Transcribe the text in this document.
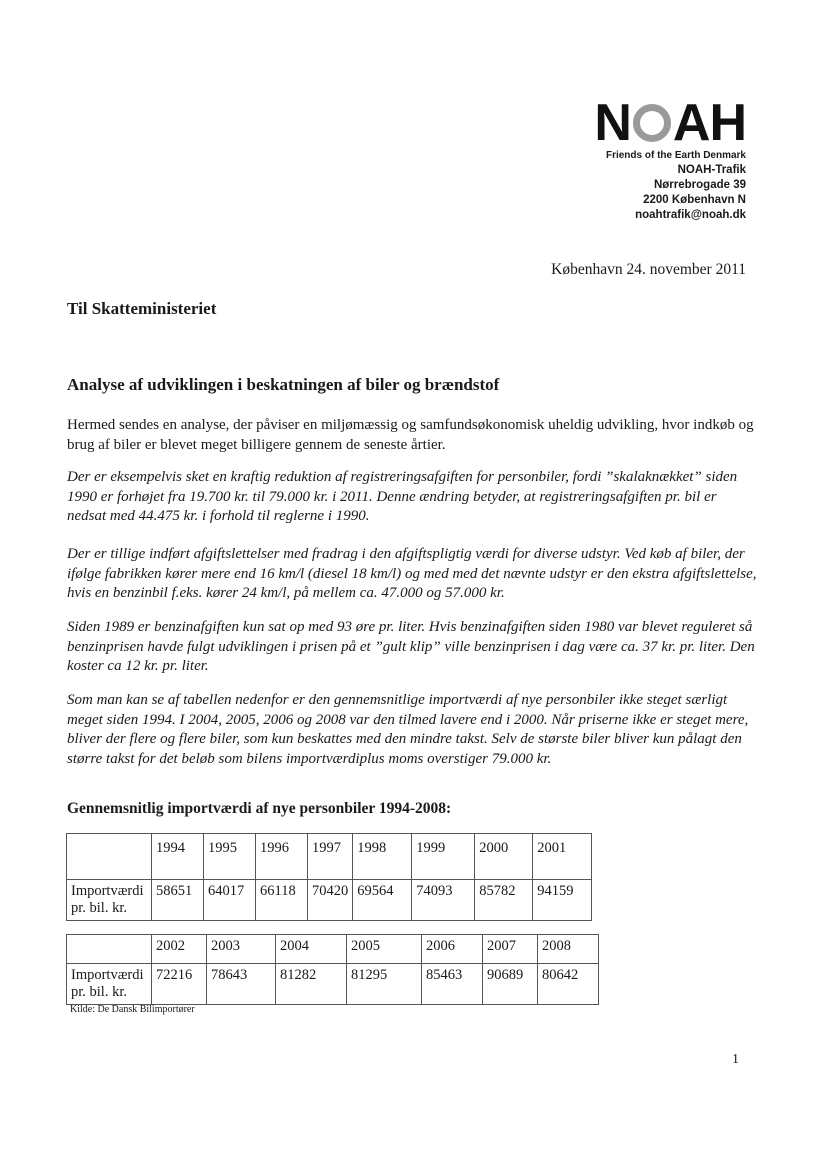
N AH
Friends of the Earth Denmark
NOAH-Trafik
Nørrebrogade 39
2200 København N
noahtrafik@noah.dk
København 24. november 2011
Til Skatteministeriet
Analyse af udviklingen i beskatningen af biler og brændstof
Hermed sendes en analyse, der påviser en miljømæssig og samfundsøkonomisk uheldig udvikling, hvor indkøb og brug af biler er blevet meget billigere gennem de seneste årtier.
Der er eksempelvis sket en kraftig reduktion af registreringsafgiften for personbiler, fordi ”skalaknækket” siden 1990 er forhøjet fra 19.700 kr. til 79.000 kr. i 2011. Denne ændring betyder, at registreringsafgiften pr. bil er nedsat med 44.475 kr. i forhold til reglerne i 1990.
Der er tillige indført afgiftslettelser med fradrag i den afgiftspligtig værdi for diverse udstyr. Ved køb af biler, der ifølge fabrikken kører mere end 16 km/l (diesel 18 km/l) og med med det nævnte udstyr er den ekstra afgiftslettelse, hvis en benzinbil f.eks. kører 24 km/l, på mellem ca. 47.000 og 57.000 kr.
Siden 1989 er benzinafgiften kun sat op med 93 øre pr. liter. Hvis benzinafgiften siden 1980 var blevet reguleret så benzinprisen havde fulgt udviklingen i prisen på et ”gult klip” ville benzinprisen i dag være ca. 37 kr. pr. liter. Den koster ca 12 kr. pr. liter.
Som man kan se af tabellen nedenfor er den gennemsnitlige importværdi af nye personbiler ikke steget særligt meget siden 1994. I 2004, 2005, 2006 og 2008 var den tilmed lavere end i 2000. Når priserne ikke er steget mere, bliver der flere og flere biler, som kun beskattes med den mindre takst. Selv de største biler bliver kun pålagt den større takst for det beløb som bilens importværdiplus moms overstiger 79.000 kr.
Gennemsnitlig importværdi af nye personbiler 1994-2008:
	1994	1995	1996	1997	1998	1999	2000	2001
Importværdi pr. bil. kr.	58651	64017	66118	70420	69564	74093	85782	94159
	2002	2003	2004	2005	2006	2007	2008
Importværdi pr. bil. kr.	72216	78643	81282	81295	85463	90689	80642
Kilde: De Dansk Bilimportører
1
